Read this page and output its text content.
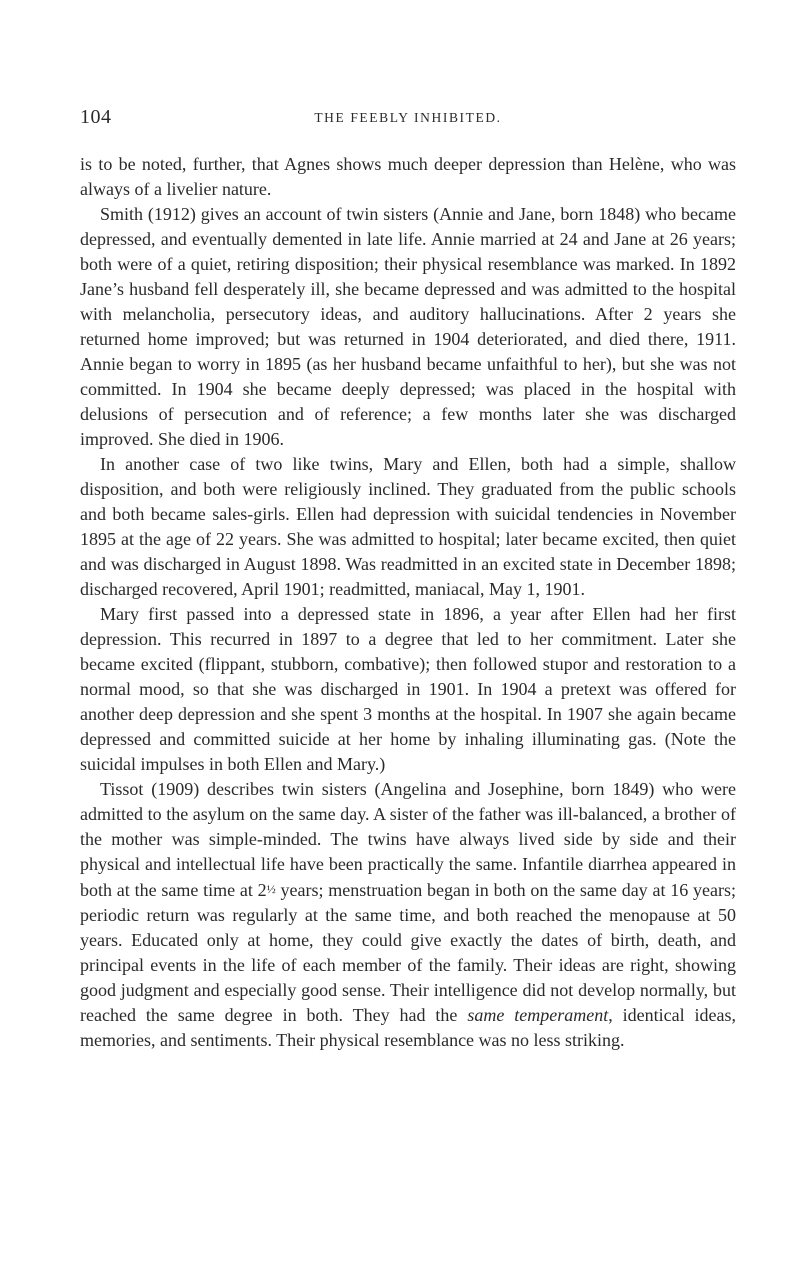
104	THE FEEBLY INHIBITED.

is to be noted, further, that Agnes shows much deeper depression than Helène, who was always of a livelier nature.

Smith (1912) gives an account of twin sisters (Annie and Jane, born 1848) who became depressed, and eventually demented in late life. Annie married at 24 and Jane at 26 years; both were of a quiet, retiring disposition; their physical resemblance was marked. In 1892 Jane’s husband fell desperately ill, she became depressed and was admitted to the hospital with melancholia, persecutory ideas, and auditory hallucinations. After 2 years she returned home improved; but was returned in 1904 deteriorated, and died there, 1911. Annie began to worry in 1895 (as her husband became unfaithful to her), but she was not committed. In 1904 she became deeply depressed; was placed in the hospital with delusions of persecution and of reference; a few months later she was discharged improved. She died in 1906.

In another case of two like twins, Mary and Ellen, both had a simple, shallow disposition, and both were religiously inclined. They graduated from the public schools and both became sales-girls. Ellen had depression with suicidal tendencies in November 1895 at the age of 22 years. She was admitted to hospital; later became excited, then quiet and was discharged in August 1898. Was readmitted in an excited state in December 1898; discharged recovered, April 1901; readmitted, maniacal, May 1, 1901.

Mary first passed into a depressed state in 1896, a year after Ellen had her first depression. This recurred in 1897 to a degree that led to her commitment. Later she became excited (flippant, stubborn, combative); then followed stupor and restoration to a normal mood, so that she was discharged in 1901. In 1904 a pretext was offered for another deep depression and she spent 3 months at the hospital. In 1907 she again became depressed and committed suicide at her home by inhaling illuminating gas. (Note the suicidal impulses in both Ellen and Mary.)

Tissot (1909) describes twin sisters (Angelina and Josephine, born 1849) who were admitted to the asylum on the same day. A sister of the father was ill-balanced, a brother of the mother was simple-minded. The twins have always lived side by side and their physical and intellectual life have been practically the same. Infantile diarrhea appeared in both at the same time at 2½ years; menstruation began in both on the same day at 16 years; periodic return was regularly at the same time, and both reached the menopause at 50 years. Educated only at home, they could give exactly the dates of birth, death, and principal events in the life of each member of the family. Their ideas are right, showing good judgment and especially good sense. Their intelligence did not develop normally, but reached the same degree in both. They had the same temperament, identical ideas, memories, and sentiments. Their physical resemblance was no less striking.
